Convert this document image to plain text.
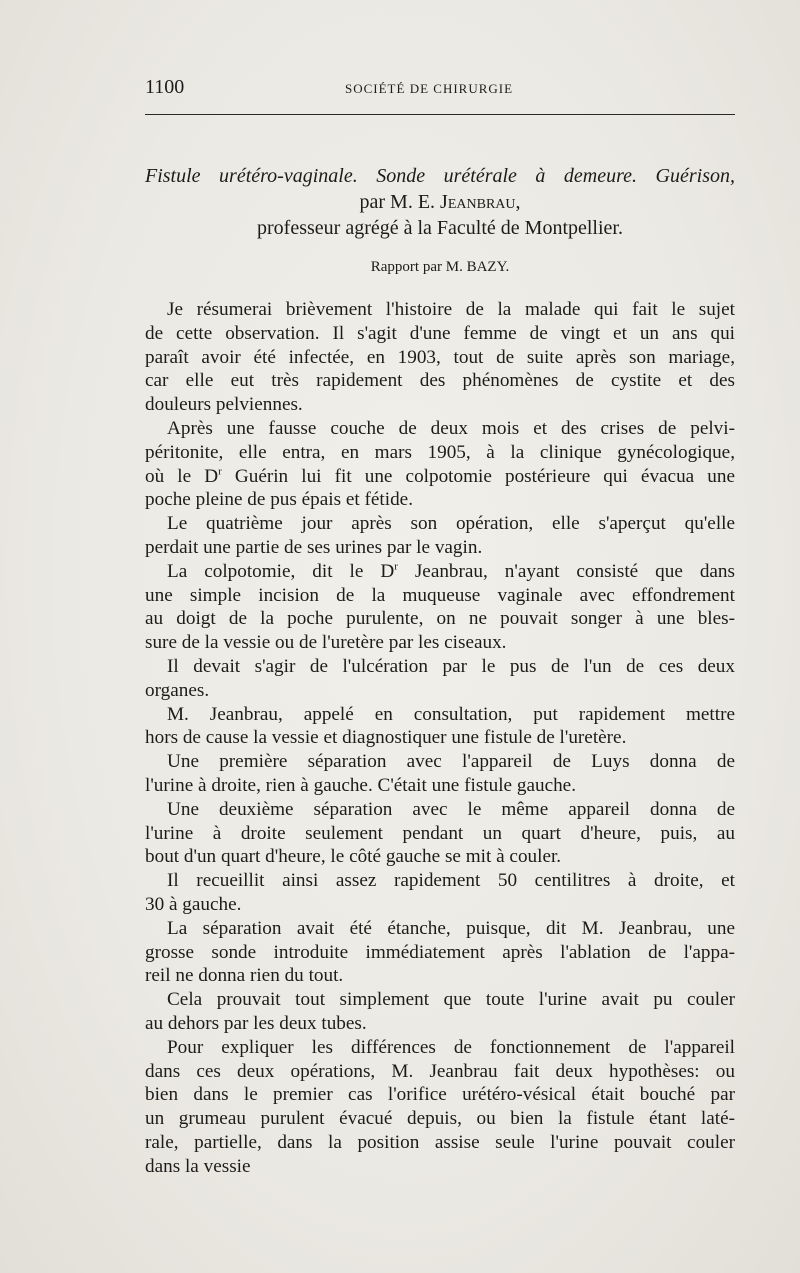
1100	SOCIÉTÉ DE CHIRURGIE
Fistule urétéro-vaginale. Sonde urétérale à demeure. Guérison,
par M. E. Jeanbrau,
professeur agrégé à la Faculté de Montpellier.
Rapport par M. BAZY.
Je résumerai brièvement l'histoire de la malade qui fait le sujet
de cette observation. Il s'agit d'une femme de vingt et un ans qui
paraît avoir été infectée, en 1903, tout de suite après son mariage,
car elle eut très rapidement des phénomènes de cystite et des
douleurs pelviennes.
Après une fausse couche de deux mois et des crises de pelvi-
péritonite, elle entra, en mars 1905, à la clinique gynécologique,
où le $D^r$ Guérin lui fit une colpotomie postérieure qui évacua une
poche pleine de pus épais et fétide.
Le quatrième jour après son opération, elle s'aperçut qu'elle
perdait une partie de ses urines par le vagin.
La colpotomie, dit le $D^r$ Jeanbrau, n'ayant consisté que dans
une simple incision de la muqueuse vaginale avec effondrement
au doigt de la poche purulente, on ne pouvait songer à une bles-
sure de la vessie ou de l'uretère par les ciseaux.
Il devait s'agir de l'ulcération par le pus de l'un de ces deux
organes.
M. Jeanbrau, appelé en consultation, put rapidement mettre
hors de cause la vessie et diagnostiquer une fistule de l'uretère.
Une première séparation avec l'appareil de Luys donna de
l'urine à droite, rien à gauche. C'était une fistule gauche.
Une deuxième séparation avec le même appareil donna de
l'urine à droite seulement pendant un quart d'heure, puis, au
bout d'un quart d'heure, le côté gauche se mit à couler.
Il recueillit ainsi assez rapidement 50 centilitres à droite, et
30 à gauche.
La séparation avait été étanche, puisque, dit M. Jeanbrau, une
grosse sonde introduite immédiatement après l'ablation de l'appa-
reil ne donna rien du tout.
Cela prouvait tout simplement que toute l'urine avait pu couler
au dehors par les deux tubes.
Pour expliquer les différences de fonctionnement de l'appareil
dans ces deux opérations, M. Jeanbrau fait deux hypothèses: ou
bien dans le premier cas l'orifice urétéro-vésical était bouché par
un grumeau purulent évacué depuis, ou bien la fistule étant laté-
rale, partielle, dans la position assise seule l'urine pouvait couler
dans la vessie
